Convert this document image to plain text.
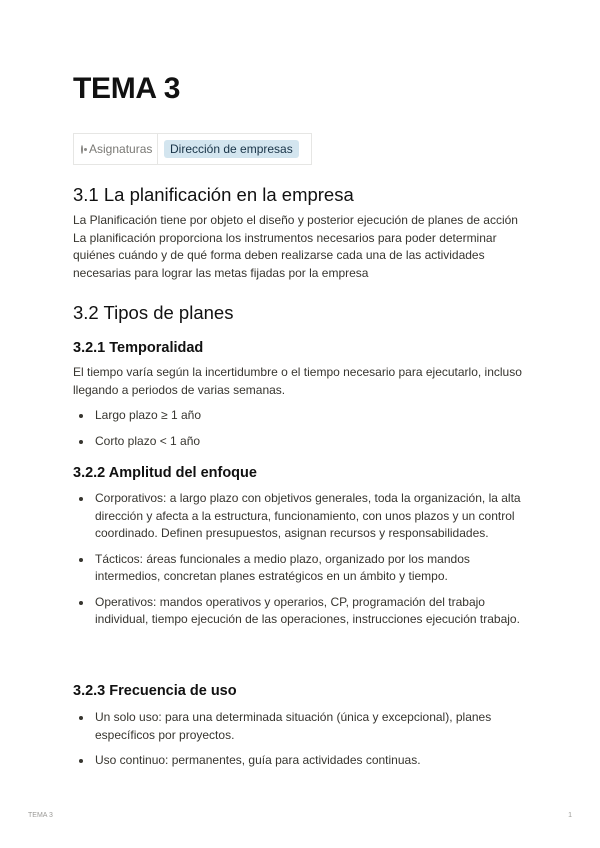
TEMA 3
Asignaturas	Dirección de empresas
3.1 La planificación en la empresa

La Planificación tiene por objeto el diseño y posterior ejecución de planes de acción La planificación proporciona los instrumentos necesarios para poder determinar quiénes cuándo y de qué forma deben realizarse cada una de las actividades necesarias para lograr las metas fijadas por la empresa

3.2 Tipos de planes
3.2.1 Temporalidad

El tiempo varía según la incertidumbre o el tiempo necesario para ejecutarlo, incluso llegando a periodos de varias semanas.

Largo plazo ≥ 1 año
Corto plazo < 1 año
3.2.2 Amplitud del enfoque
Corporativos: a largo plazo con objetivos generales, toda la organización, la alta dirección y afecta a la estructura, funcionamiento, con unos plazos y un control coordinado. Definen presupuestos, asignan recursos y responsabilidades.
Tácticos: áreas funcionales a medio plazo, organizado por los mandos intermedios, concretan planes estratégicos en un ámbito y tiempo.
Operativos: mandos operativos y operarios, CP, programación del trabajo individual, tiempo ejecución de las operaciones, instrucciones ejecución trabajo.
3.2.3 Frecuencia de uso
Un solo uso: para una determinada situación (única y excepcional), planes específicos por proyectos.
Uso continuo: permanentes, guía para actividades continuas.
TEMA 3	1
